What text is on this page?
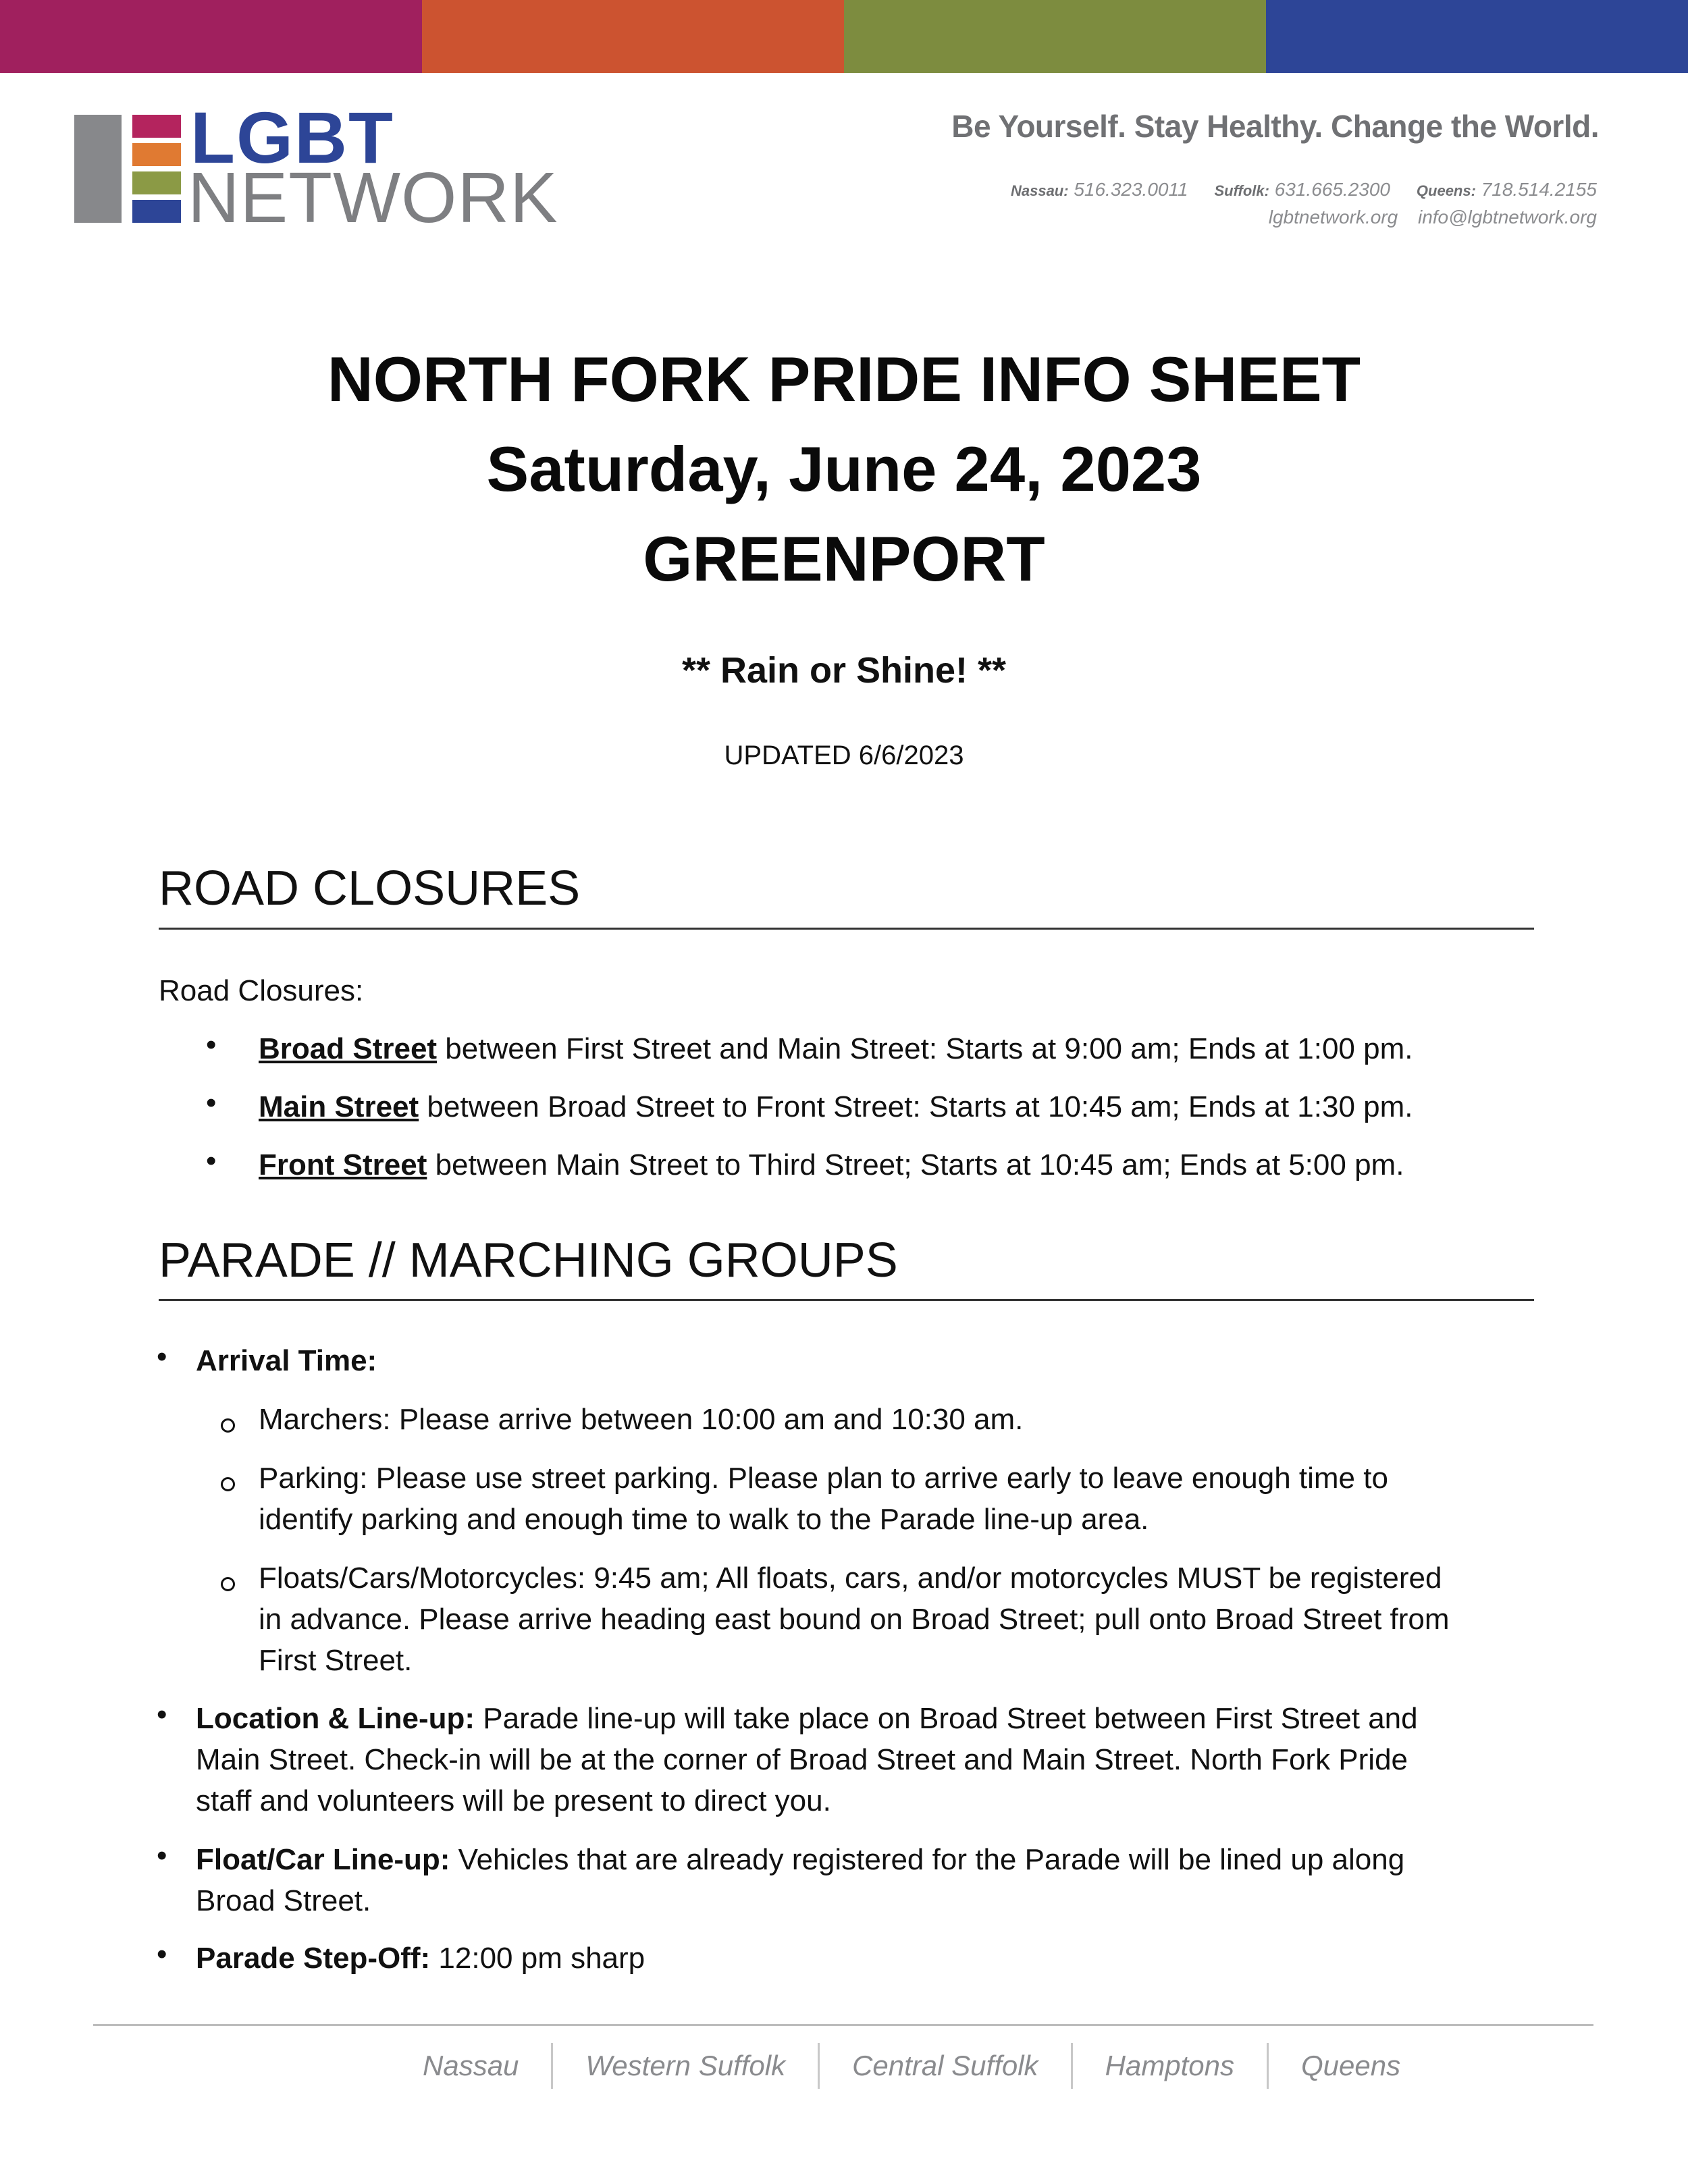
LGBT
NETWORK
Be Yourself. Stay Healthy. Change the World.
Nassau: 516.323.0011 Suffolk: 631.665.2300 Queens: 718.514.2155
lgbtnetwork.org info@lgbtnetwork.org
NORTH FORK PRIDE INFO SHEET
Saturday, June 24, 2023
GREENPORT
** Rain or Shine! **
UPDATED 6/6/2023
ROAD CLOSURES
Road Closures:
• Broad Street between First Street and Main Street: Starts at 9:00 am; Ends at 1:00 pm.
• Main Street between Broad Street to Front Street: Starts at 10:45 am; Ends at 1:30 pm.
• Front Street between Main Street to Third Street; Starts at 10:45 am; Ends at 5:00 pm.
PARADE // MARCHING GROUPS
• Arrival Time:
Marchers: Please arrive between 10:00 am and 10:30 am.
Parking: Please use street parking. Please plan to arrive early to leave enough time to
identify parking and enough time to walk to the Parade line-up area.
Floats/Cars/Motorcycles: 9:45 am; All floats, cars, and/or motorcycles MUST be registered
in advance. Please arrive heading east bound on Broad Street; pull onto Broad Street from
First Street.
• Location & Line-up: Parade line-up will take place on Broad Street between First Street and
Main Street. Check-in will be at the corner of Broad Street and Main Street. North Fork Pride
staff and volunteers will be present to direct you.
• Float/Car Line-up: Vehicles that are already registered for the Parade will be lined up along
Broad Street.
• Parade Step-Off: 12:00 pm sharp
Nassau Western Suffolk Central Suffolk Hamptons Queens
